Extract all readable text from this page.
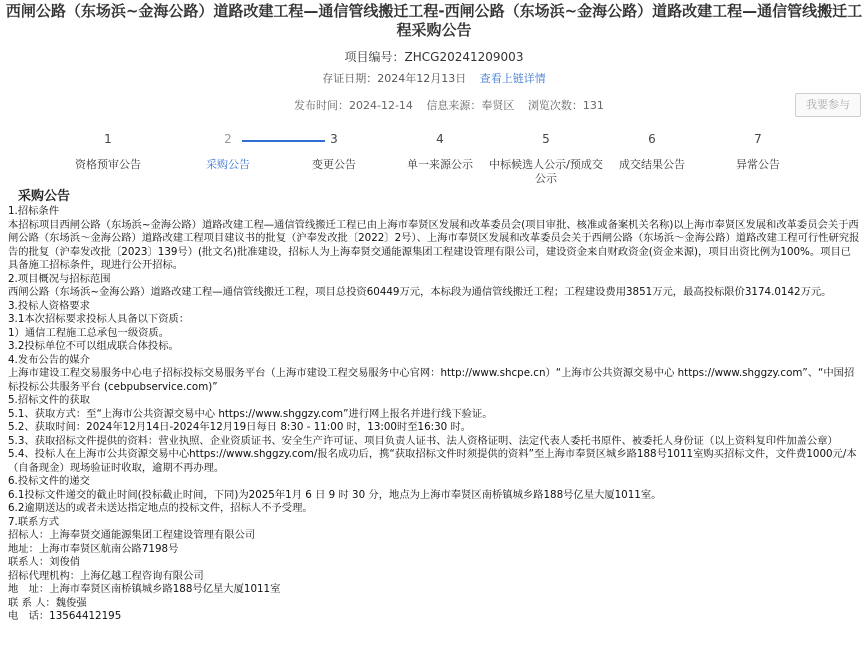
西闸公路（东场浜~金海公路）道路改建工程—通信管线搬迁工程-西闸公路（东场浜~金海公路）道路改建工程—通信管线搬迁工程采购公告
项目编号：ZHCG20241209003
存证日期：2024年12月13日 查看上链详情
发布时间：2024-12-14 信息来源：奉贤区 浏览次数：131	我要参与
1
资格预审公告
2
采购公告
3
变更公告
4
单一来源公示
5
中标候选人公示/预成交公示
6
成交结果公告
7
异常公告
采购公告
1.招标条件
本招标项目西闸公路（东场浜~金海公路）道路改建工程—通信管线搬迁工程已由上海市奉贤区发展和改革委员会(项目审批、核准或备案机关名称)以上海市奉贤区发展和改革委员会关于西闸公路（东场浜～金海公路）道路改建工程项目建议书的批复（沪奉发改批〔2022〕2号）、上海市奉贤区发展和改革委员会关于西闸公路（东场浜～金海公路）道路改建工程可行性研究报告的批复（沪奉发改批〔2023〕139号）(批文名)批准建设，招标人为上海奉贤交通能源集团工程建设管理有限公司，建设资金来自财政资金(资金来源)，项目出资比例为100%。项目已具备施工招标条件，现进行公开招标。
2.项目概况与招标范围
西闸公路（东场浜~金海公路）道路改建工程—通信管线搬迁工程，项目总投资60449万元，本标段为通信管线搬迁工程；工程建设费用3851万元，最高投标限价3174.0142万元。
3.投标人资格要求
3.1本次招标要求投标人具备以下资质：
1）通信工程施工总承包一级资质。
3.2投标单位不可以组成联合体投标。
4.发布公告的媒介
上海市建设工程交易服务中心电子招标投标交易服务平台（上海市建设工程交易服务中心官网：http://www.shcpe.cn）“上海市公共资源交易中心 https://www.shggzy.com”、“中国招标投标公共服务平台 (cebpubservice.com)”
5.招标文件的获取
5.1、获取方式：至“上海市公共资源交易中心 https://www.shggzy.com”进行网上报名并进行线下验证。
5.2、获取时间：2024年12月14日-2024年12月19日每日 8:30 - 11:00 时，13:00时至16:30 时。
5.3、获取招标文件提供的资料：营业执照、企业资质证书、安全生产许可证、项目负责人证书、法人资格证明、法定代表人委托书原件、被委托人身份证（以上资料复印件加盖公章）
5.4、投标人在上海市公共资源交易中心https://www.shggzy.com/报名成功后，携“获取招标文件时须提供的资料”至上海市奉贤区城乡路188号1011室购买招标文件，文件费1000元/本（自备现金）现场验证时收取，逾期不再办理。
6.投标文件的递交
6.1投标文件递交的截止时间(投标截止时间，下同)为2025年1月 6 日 9 时 30 分，地点为上海市奉贤区南桥镇城乡路188号亿星大厦1011室。
6.2逾期送达的或者未送达指定地点的投标文件，招标人不予受理。
7.联系方式
招标人：上海奉贤交通能源集团工程建设管理有限公司
地址：上海市奉贤区航南公路7198号
联系人：刘俊俏
招标代理机构：上海亿越工程咨询有限公司
地　址：上海市奉贤区南桥镇城乡路188号亿星大厦1011室
联 系 人：魏俊强
电　话：13564412195
